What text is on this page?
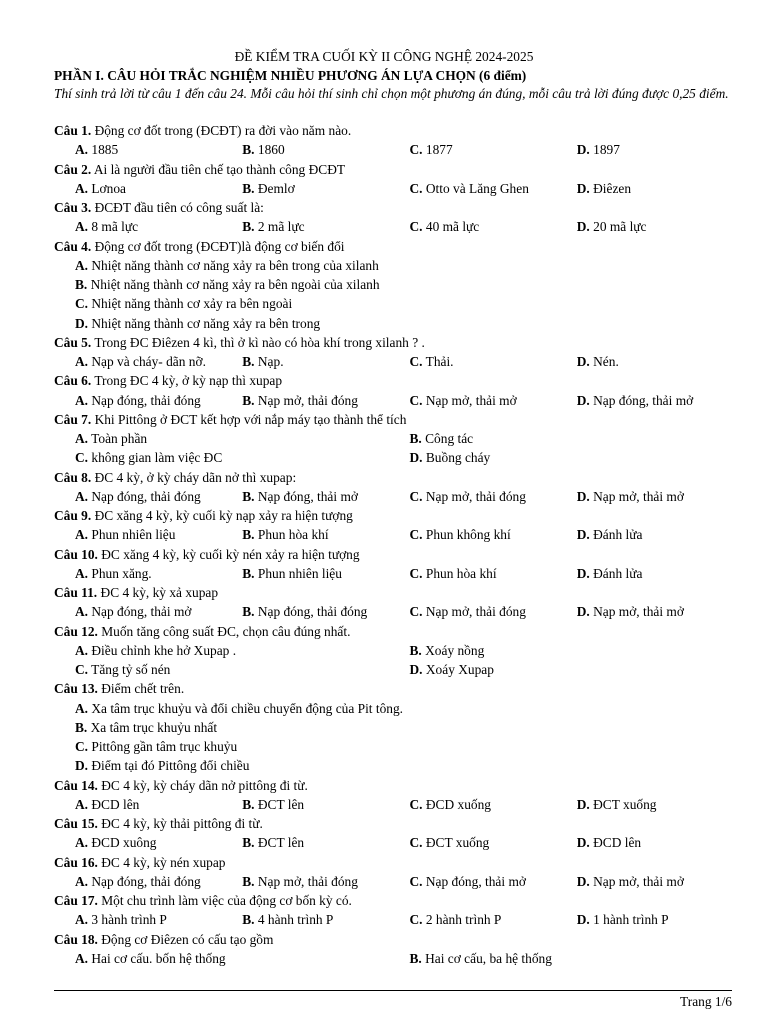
ĐỀ KIỂM TRA CUỐI KỲ II CÔNG NGHỆ 2024-2025
PHẦN I. CÂU HỎI TRẮC NGHIỆM NHIỀU PHƯƠNG ÁN LỰA CHỌN (6 điểm)
Thí sinh trả lời từ câu 1 đến câu 24. Mỗi câu hỏi thí sinh chỉ chọn một phương án đúng, mỗi câu trả lời đúng được 0,25 điểm.
Câu 1. Động cơ đốt trong (ĐCĐT) ra đời vào năm nào.
A. 1885	B. 1860	C. 1877	D. 1897
Câu 2. Ai là người đầu tiên chế tạo thành công ĐCĐT
A. Lơnoa	B. Đemlơ	C. Otto và Lăng Ghen	D. Điêzen
Câu 3. ĐCĐT đầu tiên có công suất là:
A. 8 mã lực	B. 2 mã lực	C. 40 mã lực	D. 20 mã lực
Câu 4. Động cơ đốt trong (ĐCĐT)là động cơ biến đổi
A. Nhiệt năng thành cơ năng xảy ra bên trong của xilanh
B. Nhiệt năng thành cơ năng xảy ra bên ngoài của xilanh
C. Nhiệt năng thành cơ xảy ra bên ngoài
D. Nhiệt năng thành cơ năng xảy ra bên trong
Câu 5. Trong ĐC Điêzen 4 kì, thì ở kì nào có hòa khí trong xilanh ? .
A. Nạp và cháy- dãn nỡ.	B. Nạp.	C. Thải.	D. Nén.
Câu 6. Trong ĐC 4 kỳ, ở kỳ nạp thì xupap
A. Nạp đóng, thải đóng	B. Nạp mở, thải đóng	C. Nạp mở, thải mở	D. Nạp đóng, thải mở
Câu 7. Khi Pittông ở ĐCT kết hợp với nắp máy tạo thành thể tích
A. Toàn phần	B. Công tác
C. không gian làm việc ĐC	D. Buồng cháy
Câu 8. ĐC 4 kỳ, ở kỳ cháy dãn nở thì xupap:
A. Nạp đóng, thải đóng	B. Nạp đóng, thải mở	C. Nạp mở, thải đóng	D. Nạp mở, thải mở
Câu 9. ĐC xăng 4 kỳ, kỳ cuối kỳ nạp xảy ra hiện tượng
A. Phun nhiên liệu	B. Phun hòa khí	C. Phun không khí	D. Đánh lửa
Câu 10. ĐC xăng 4 kỳ, kỳ cuối kỳ nén xảy ra hiện tượng
A. Phun xăng.	B. Phun nhiên liệu	C. Phun hòa khí	D. Đánh lửa
Câu 11. ĐC 4 kỳ, kỳ xả xupap
A. Nạp đóng, thải mở	B. Nạp đóng, thải đóng	C. Nạp mở, thải đóng	D. Nạp mở, thải mở
Câu 12. Muốn tăng công suất ĐC, chọn câu đúng nhất.
A. Điều chỉnh khe hở Xupap .	B. Xoáy nồng
C. Tăng tỷ số nén	D. Xoáy Xupap
Câu 13. Điểm chết trên.
A. Xa tâm trục khuỷu và đổi chiều chuyển động của Pit tông.
B. Xa tâm trục khuỷu nhất
C. Pittông gần tâm trục khuỷu
D. Điểm tại đó Pittông đổi chiều
Câu 14. ĐC 4 kỳ, kỳ cháy dãn nở pittông đi từ.
A. ĐCD lên	B. ĐCT lên	C. ĐCD xuống	D. ĐCT xuống
Câu 15. ĐC 4 kỳ, kỳ thải pittông đi từ.
A. ĐCD xuông	B. ĐCT lên	C. ĐCT xuống	D. ĐCD lên
Câu 16. ĐC 4 kỳ, kỳ nén xupap
A. Nạp đóng, thải đóng	B. Nạp mở, thải đóng	C. Nạp đóng, thải mở	D. Nạp mở, thải mở
Câu 17. Một chu trình làm việc của động cơ bốn kỳ có.
A. 3 hành trình P	B. 4 hành trình P	C. 2 hành trình P	D. 1 hành trình P
Câu 18. Động cơ Điêzen có cấu tạo gồm
A. Hai cơ cấu. bốn hệ thống	B. Hai cơ cấu, ba hệ thống
Trang 1/6
